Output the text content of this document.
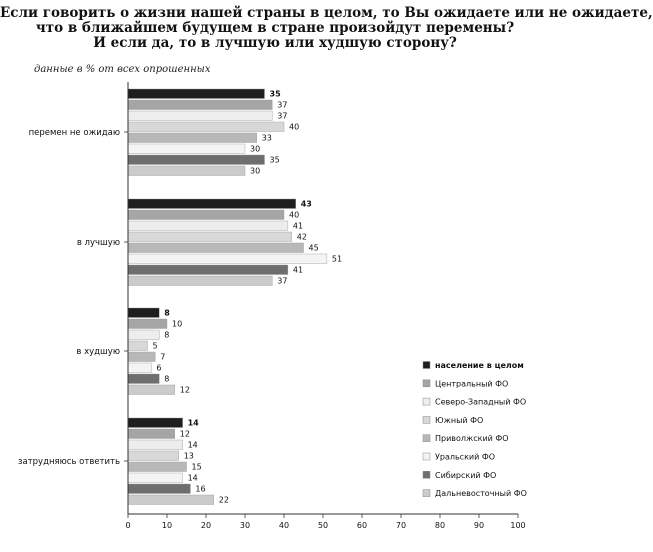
Если говорить о жизни нашей страны в целом, то Вы ожидаете или не ожидаете,
что в ближайшем будущем в стране произойдут перемены?
И если да, то в лучшую или худшую сторону?
данные в % от всех опрошенных
35
37
37
40
33
30
35
30
перемен не ожидаю
43
40
41
42
45
51
41
37
в лучшую
8
10
8
5
7
6
8
12
в худшую
14
12
14
13
15
14
16
22
затрудняюсь ответить
0	10	20	30	40	50	60	70	80	90	100
население в целом
Центральный ФО
Северо-Западный ФО
Южный ФО
Приволжский ФО
Уральский ФО
Сибирский ФО
Дальневосточный ФО
